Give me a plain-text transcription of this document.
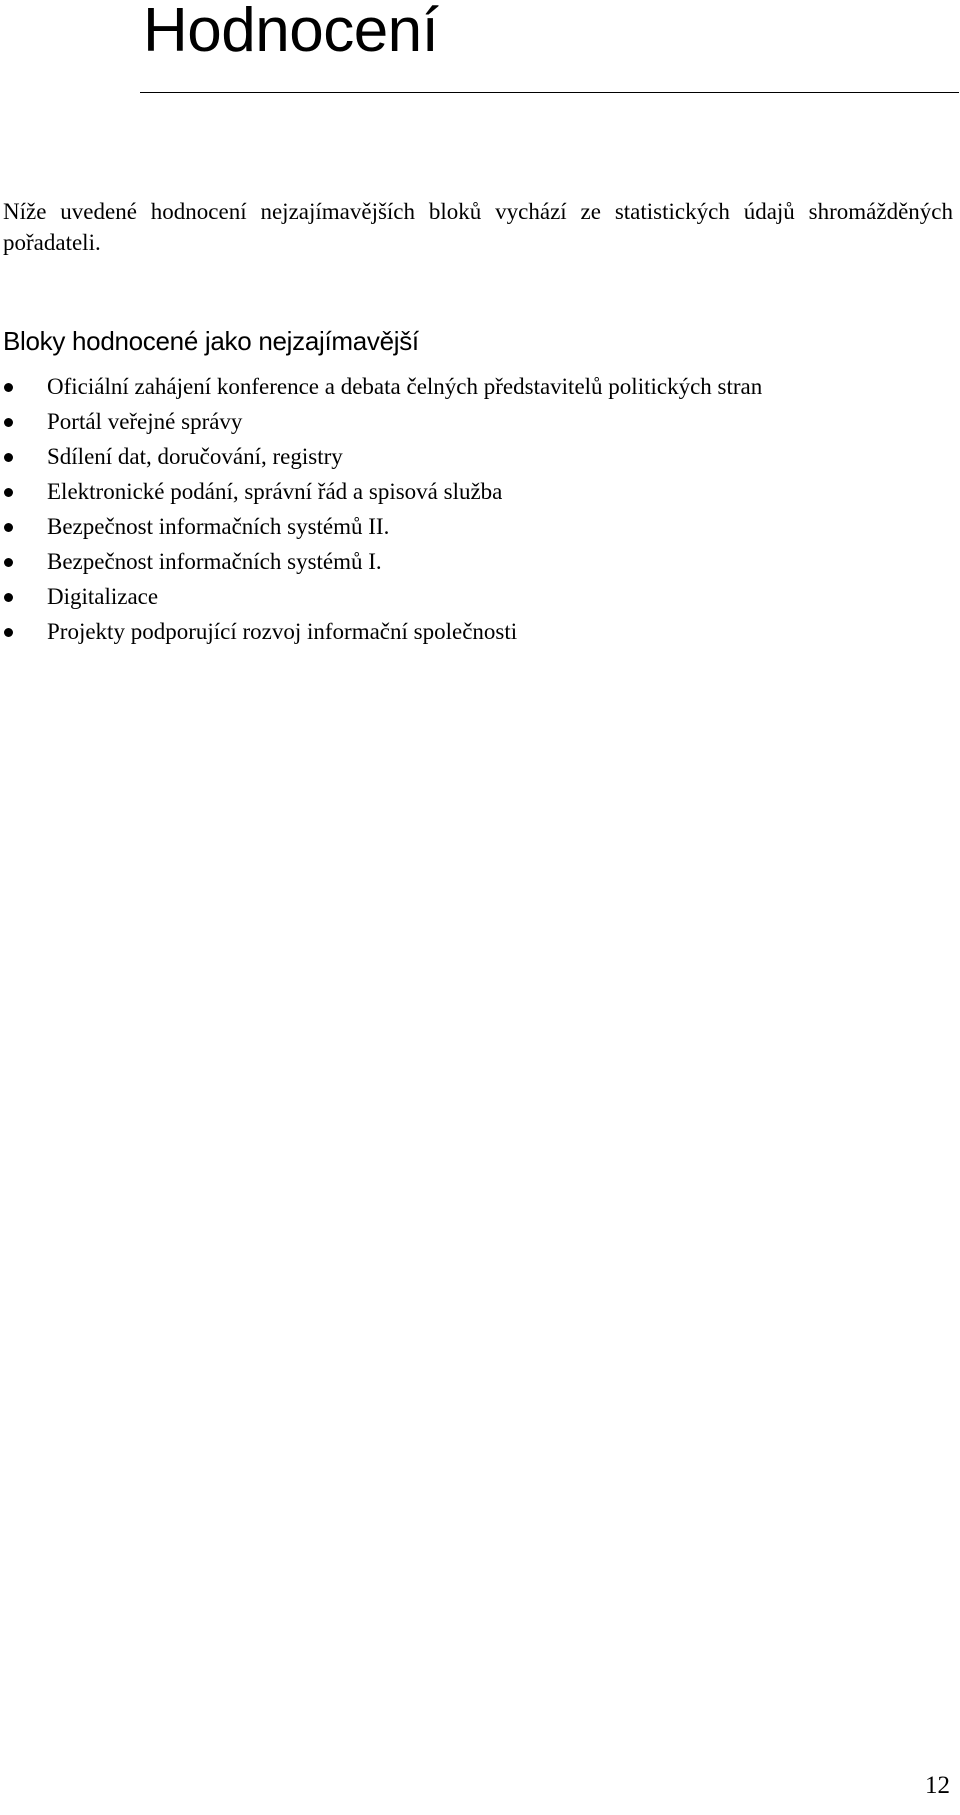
Hodnocení

Níže uvedené hodnocení nejzajímavějších bloků vychází ze statistických údajů shromážděných pořadateli.

Bloky hodnocené jako nejzajímavější
Oficiální zahájení konference a debata čelných představitelů politických stran
Portál veřejné správy
Sdílení dat, doručování, registry
Elektronické podání, správní řád a spisová služba
Bezpečnost informačních systémů II.
Bezpečnost informačních systémů I.
Digitalizace
Projekty podporující rozvoj informační společnosti
12
